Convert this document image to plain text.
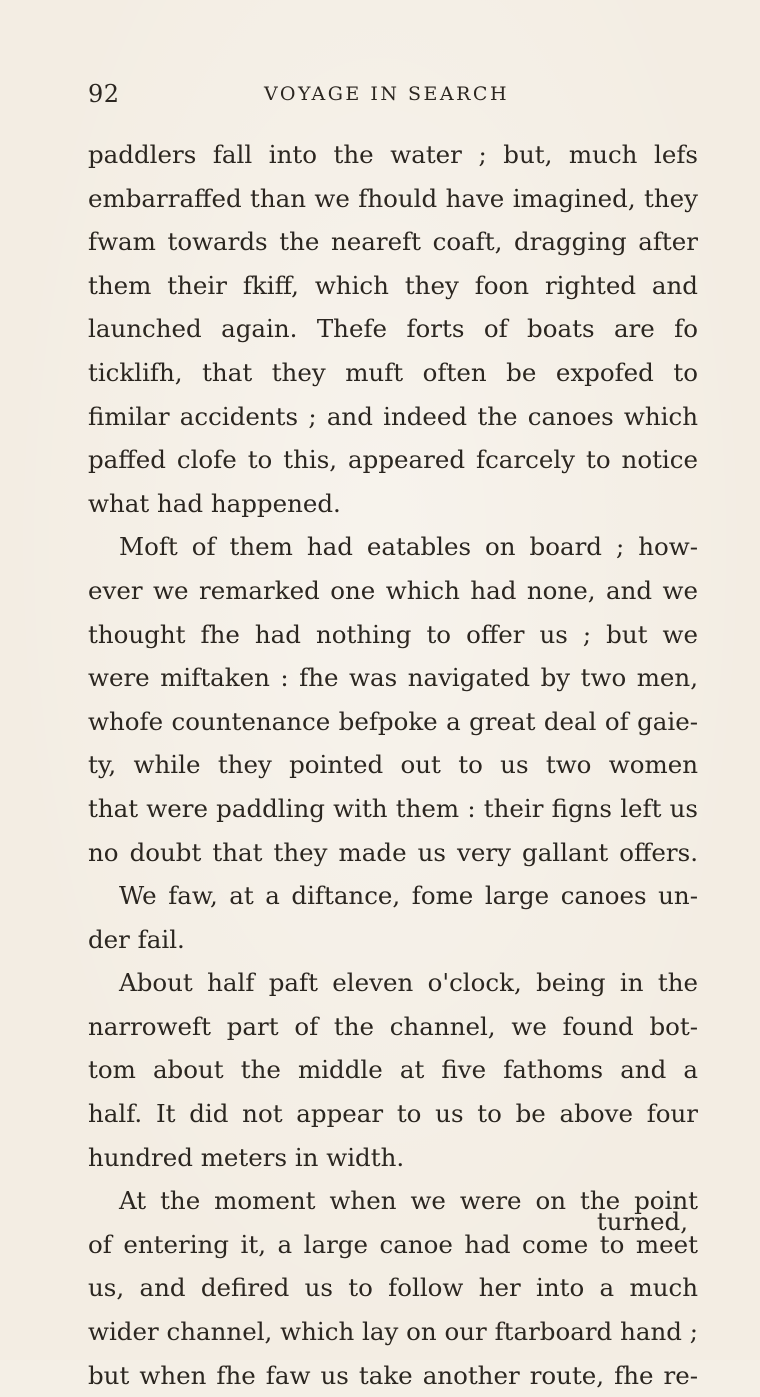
92	VOYAGE IN SEARCH
paddlers fall into the water ; but, much lefs
embarraffed than we fhould have imagined, they
fwam towards the neareft coaft, dragging after
them their fkiff, which they foon righted and
launched again. Thefe forts of boats are fo
ticklifh, that they muft often be expofed to
fimilar accidents ; and indeed the canoes which
paffed clofe to this, appeared fcarcely to notice
what had happened.
Moft of them had eatables on board ; how-
ever we remarked one which had none, and we
thought fhe had nothing to offer us ; but we
were miftaken : fhe was navigated by two men,
whofe countenance befpoke a great deal of gaie-
ty, while they pointed out to us two women
that were paddling with them : their figns left us
no doubt that they made us very gallant offers.
We faw, at a diftance, fome large canoes un-
der fail.
About half paft eleven o'clock, being in the
narroweft part of the channel, we found bot-
tom about the middle at five fathoms and a
half. It did not appear to us to be above four
hundred meters in width.
At the moment when we were on the point
of entering it, a large canoe had come to meet
us, and defired us to follow her into a much
wider channel, which lay on our ftarboard hand ;
but when fhe faw us take another route, fhe re-
turned,
